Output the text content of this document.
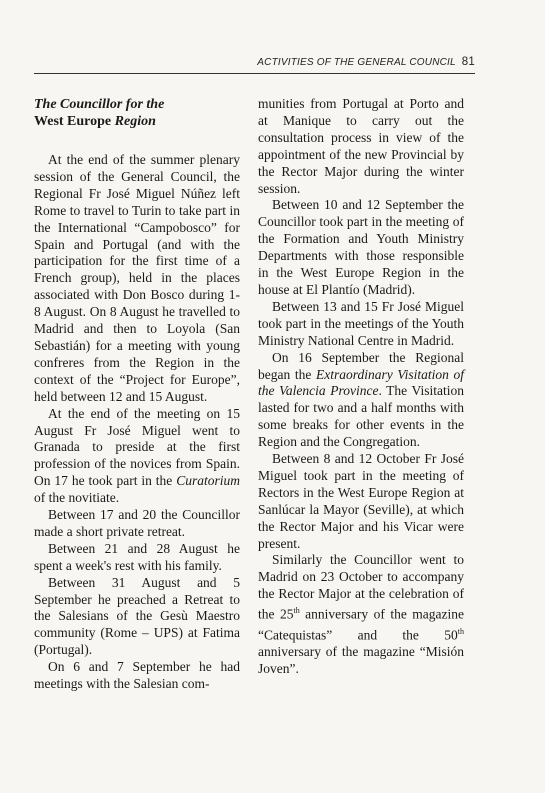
ACTIVITIES OF THE GENERAL COUNCIL 81
The Councillor for the
West Europe Region

At the end of the summer plenary session of the General Council, the Regional Fr José Miguel Núñez left Rome to travel to Turin to take part in the International “Campobosco” for Spain and Portugal (and with the participation for the first time of a French group), held in the places associated with Don Bosco during 1-8 August. On 8 August he travelled to Madrid and then to Loyola (San Sebastián) for a meeting with young confreres from the Region in the context of the “Project for Europe”, held between 12 and 15 August.

At the end of the meeting on 15 August Fr José Miguel went to Granada to preside at the first profession of the novices from Spain. On 17 he took part in the Curatorium of the novitiate.

Between 17 and 20 the Councillor made a short private retreat.

Between 21 and 28 August he spent a week's rest with his family.

Between 31 August and 5 September he preached a Retreat to the Salesians of the Gesù Maestro community (Rome – UPS) at Fatima (Portugal).

On 6 and 7 September he had meetings with the Salesian com-

munities from Portugal at Porto and at Manique to carry out the consultation process in view of the appointment of the new Provincial by the Rector Major during the winter session.

Between 10 and 12 September the Councillor took part in the meeting of the Formation and Youth Ministry Departments with those responsible in the West Europe Region in the house at El Plantío (Madrid).

Between 13 and 15 Fr José Miguel took part in the meetings of the Youth Ministry National Centre in Madrid.

On 16 September the Regional began the Extraordinary Visitation of the Valencia Province. The Visitation lasted for two and a half months with some breaks for other events in the Region and the Congregation.

Between 8 and 12 October Fr José Miguel took part in the meeting of Rectors in the West Europe Region at Sanlúcar la Mayor (Seville), at which the Rector Major and his Vicar were present.

Similarly the Councillor went to Madrid on 23 October to accompany the Rector Major at the celebration of the 25th anniversary of the magazine “Catequistas” and the 50th anniversary of the magazine “Misión Joven”.
